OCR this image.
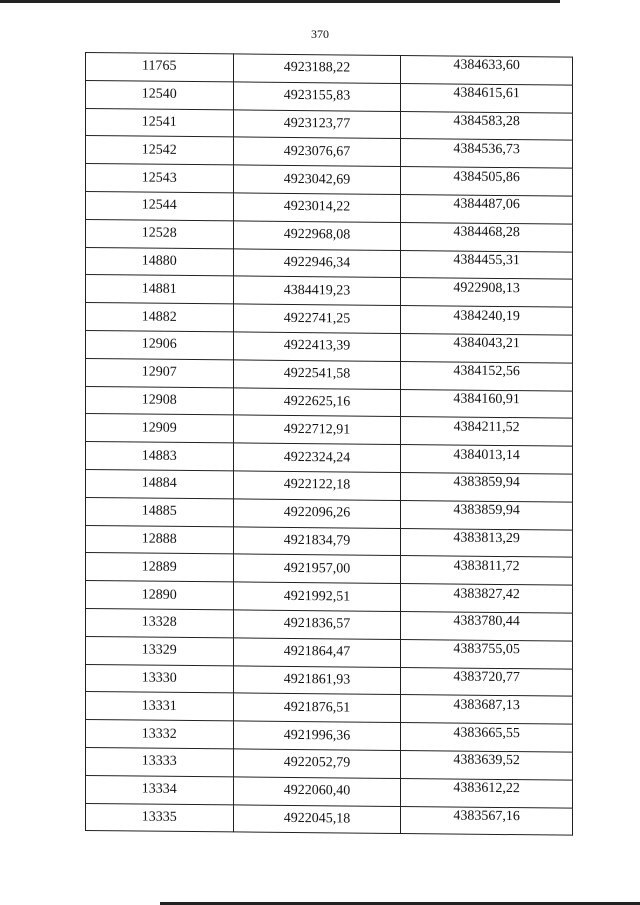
370
11765	4923188,22	4384633,60
12540	4923155,83	4384615,61
12541	4923123,77	4384583,28
12542	4923076,67	4384536,73
12543	4923042,69	4384505,86
12544	4923014,22	4384487,06
12528	4922968,08	4384468,28
14880	4922946,34	4384455,31
14881	4384419,23	4922908,13
14882	4922741,25	4384240,19
12906	4922413,39	4384043,21
12907	4922541,58	4384152,56
12908	4922625,16	4384160,91
12909	4922712,91	4384211,52
14883	4922324,24	4384013,14
14884	4922122,18	4383859,94
14885	4922096,26	4383859,94
12888	4921834,79	4383813,29
12889	4921957,00	4383811,72
12890	4921992,51	4383827,42
13328	4921836,57	4383780,44
13329	4921864,47	4383755,05
13330	4921861,93	4383720,77
13331	4921876,51	4383687,13
13332	4921996,36	4383665,55
13333	4922052,79	4383639,52
13334	4922060,40	4383612,22
13335	4922045,18	4383567,16
